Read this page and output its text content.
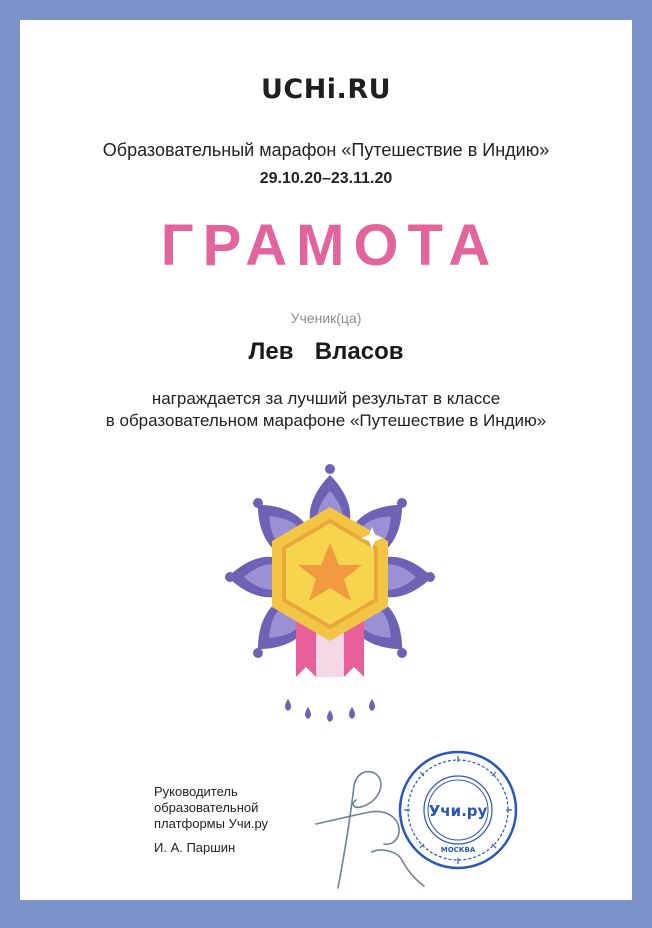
UCHi.RU
Образовательный марафон «Путешествие в Индию»
29.10.20–23.11.20
ГРАМОТА
Ученик(ца)
Лев  Власов
награждается за лучший результат в классе
в образовательном марафоне «Путешествие в Индию»
Руководитель
образовательной
платформы Учи.ру
И. А. Паршин
Учи.ру
МОСКВА
